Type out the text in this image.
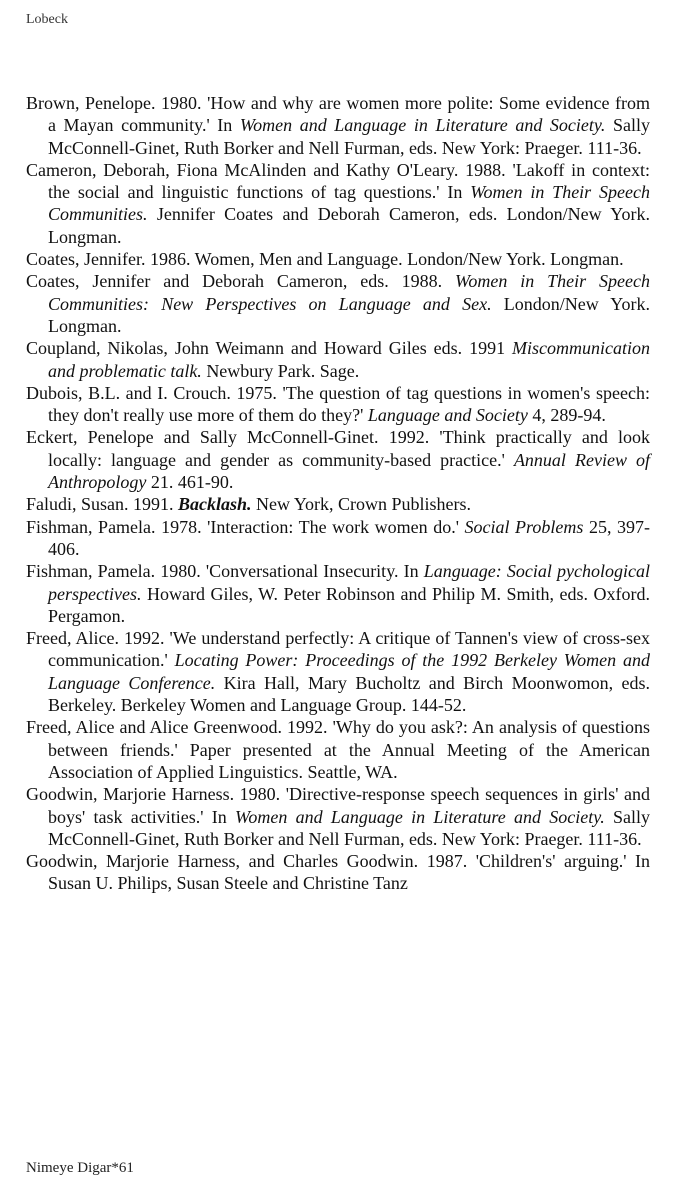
Lobeck

Brown, Penelope. 1980. 'How and why are women more polite: Some evidence from a Mayan community.' In Women and Language in Literature and Society. Sally McConnell-Ginet, Ruth Borker and Nell Furman, eds. New York: Praeger. 111-36.

Cameron, Deborah, Fiona McAlinden and Kathy O'Leary. 1988. 'Lakoff in context: the social and linguistic functions of tag questions.' In Women in Their Speech Communities. Jennifer Coates and Deborah Cameron, eds. London/New York. Longman.

Coates, Jennifer. 1986. Women, Men and Language. London/New York. Longman.

Coates, Jennifer and Deborah Cameron, eds. 1988. Women in Their Speech Communities: New Perspectives on Language and Sex. London/New York. Longman.

Coupland, Nikolas, John Weimann and Howard Giles eds. 1991 Miscommunication and problematic talk. Newbury Park. Sage.

Dubois, B.L. and I. Crouch. 1975. 'The question of tag questions in women's speech: they don't really use more of them do they?' Language and Society 4, 289-94.

Eckert, Penelope and Sally McConnell-Ginet. 1992. 'Think practically and look locally: language and gender as community-based practice.' Annual Review of Anthropology 21. 461-90.

Faludi, Susan. 1991. Backlash. New York, Crown Publishers.

Fishman, Pamela. 1978. 'Interaction: The work women do.' Social Problems 25, 397-406.

Fishman, Pamela. 1980. 'Conversational Insecurity. In Language: Social pychological perspectives. Howard Giles, W. Peter Robinson and Philip M. Smith, eds. Oxford. Pergamon.

Freed, Alice. 1992. 'We understand perfectly: A critique of Tannen's view of cross-sex communication.' Locating Power: Proceedings of the 1992 Berkeley Women and Language Conference. Kira Hall, Mary Bucholtz and Birch Moonwomon, eds. Berkeley. Berkeley Women and Language Group. 144-52.

Freed, Alice and Alice Greenwood. 1992. 'Why do you ask?: An analysis of questions between friends.' Paper presented at the Annual Meeting of the American Association of Applied Linguistics. Seattle, WA.

Goodwin, Marjorie Harness. 1980. 'Directive-response speech sequences in girls' and boys' task activities.' In Women and Language in Literature and Society. Sally McConnell-Ginet, Ruth Borker and Nell Furman, eds. New York: Praeger. 111-36.

Goodwin, Marjorie Harness, and Charles Goodwin. 1987. 'Children's' arguing.' In Susan U. Philips, Susan Steele and Christine Tanz

Nimeye Digar*61
